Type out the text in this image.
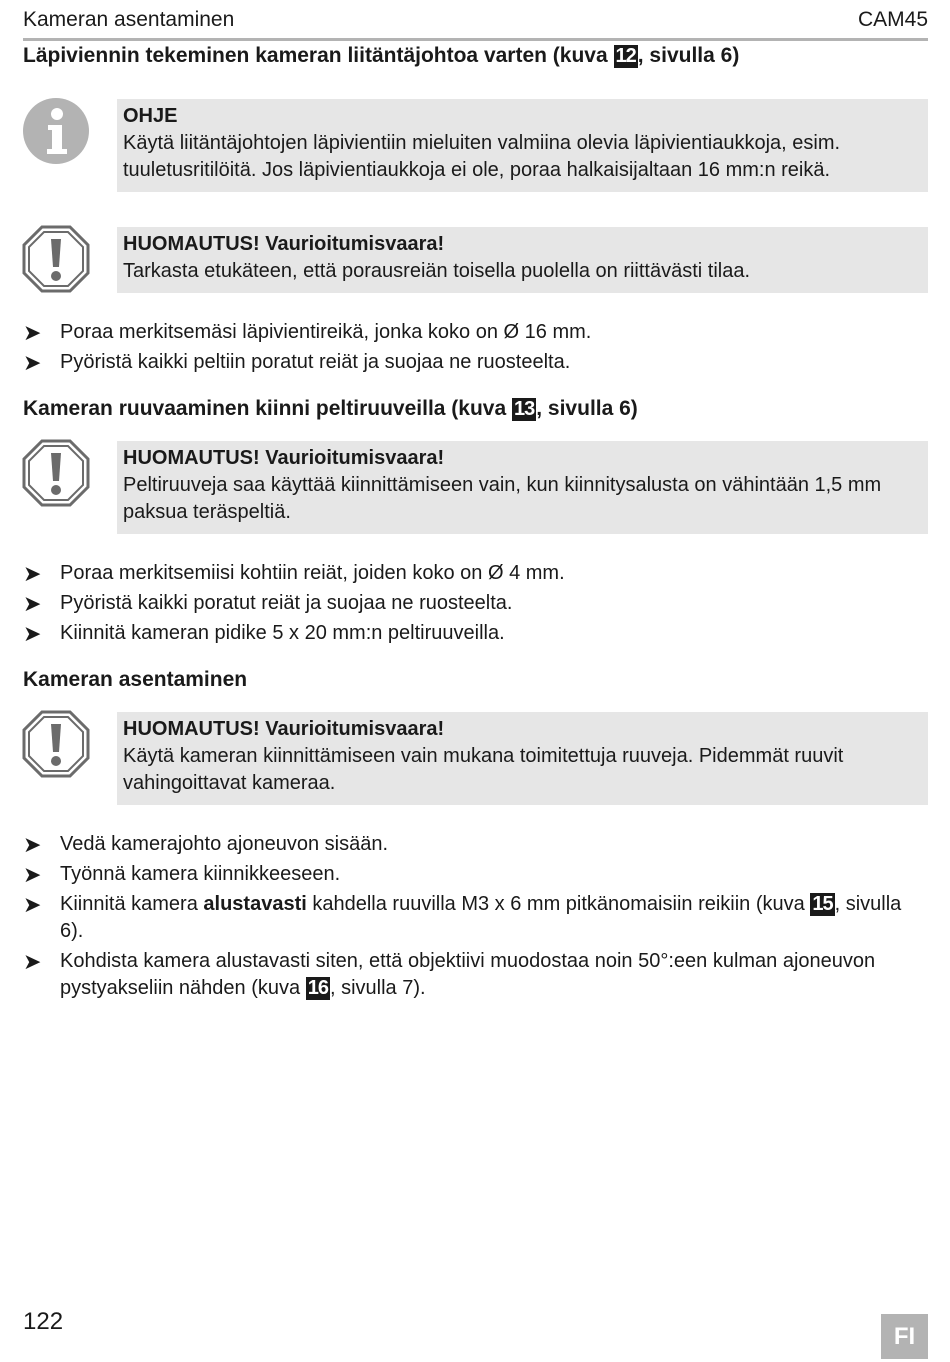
Kameran asentaminen	CAM45
Läpiviennin tekeminen kameran liitäntäjohtoa varten (kuva 12, sivulla 6)
OHJE
Käytä liitäntäjohtojen läpivientiin mieluiten valmiina olevia läpivientiaukkoja, esim. tuuletusritilöitä. Jos läpivientiaukkoja ei ole, poraa halkaisijaltaan 16 mm:n reikä.
HUOMAUTUS! Vaurioitumisvaara!
Tarkasta etukäteen, että porausreiän toisella puolella on riittävästi tilaa.
➤ Poraa merkitsemäsi läpivientireikä, jonka koko on Ø 16 mm.
➤ Pyöristä kaikki peltiin poratut reiät ja suojaa ne ruosteelta.
Kameran ruuvaaminen kiinni peltiruuveilla (kuva 13, sivulla 6)
HUOMAUTUS! Vaurioitumisvaara!
Peltiruuveja saa käyttää kiinnittämiseen vain, kun kiinnitysalusta on vähintään 1,5 mm paksua teräspeltiä.
➤ Poraa merkitsemiisi kohtiin reiät, joiden koko on Ø 4 mm.
➤ Pyöristä kaikki poratut reiät ja suojaa ne ruosteelta.
➤ Kiinnitä kameran pidike 5 x 20 mm:n peltiruuveilla.
Kameran asentaminen
HUOMAUTUS! Vaurioitumisvaara!
Käytä kameran kiinnittämiseen vain mukana toimitettuja ruuveja. Pidemmät ruuvit vahingoittavat kameraa.
➤ Vedä kamerajohto ajoneuvon sisään.
➤ Työnnä kamera kiinnikkeeseen.
➤ Kiinnitä kamera alustavasti kahdella ruuvilla M3 x 6 mm pitkänomaisiin reikiin (kuva 15 , sivulla 6).
➤ Kohdista kamera alustavasti siten, että objektiivi muodostaa noin 50°:een kulman ajoneuvon pystyakseliin nähden (kuva 16 , sivulla 7).
122
FI
